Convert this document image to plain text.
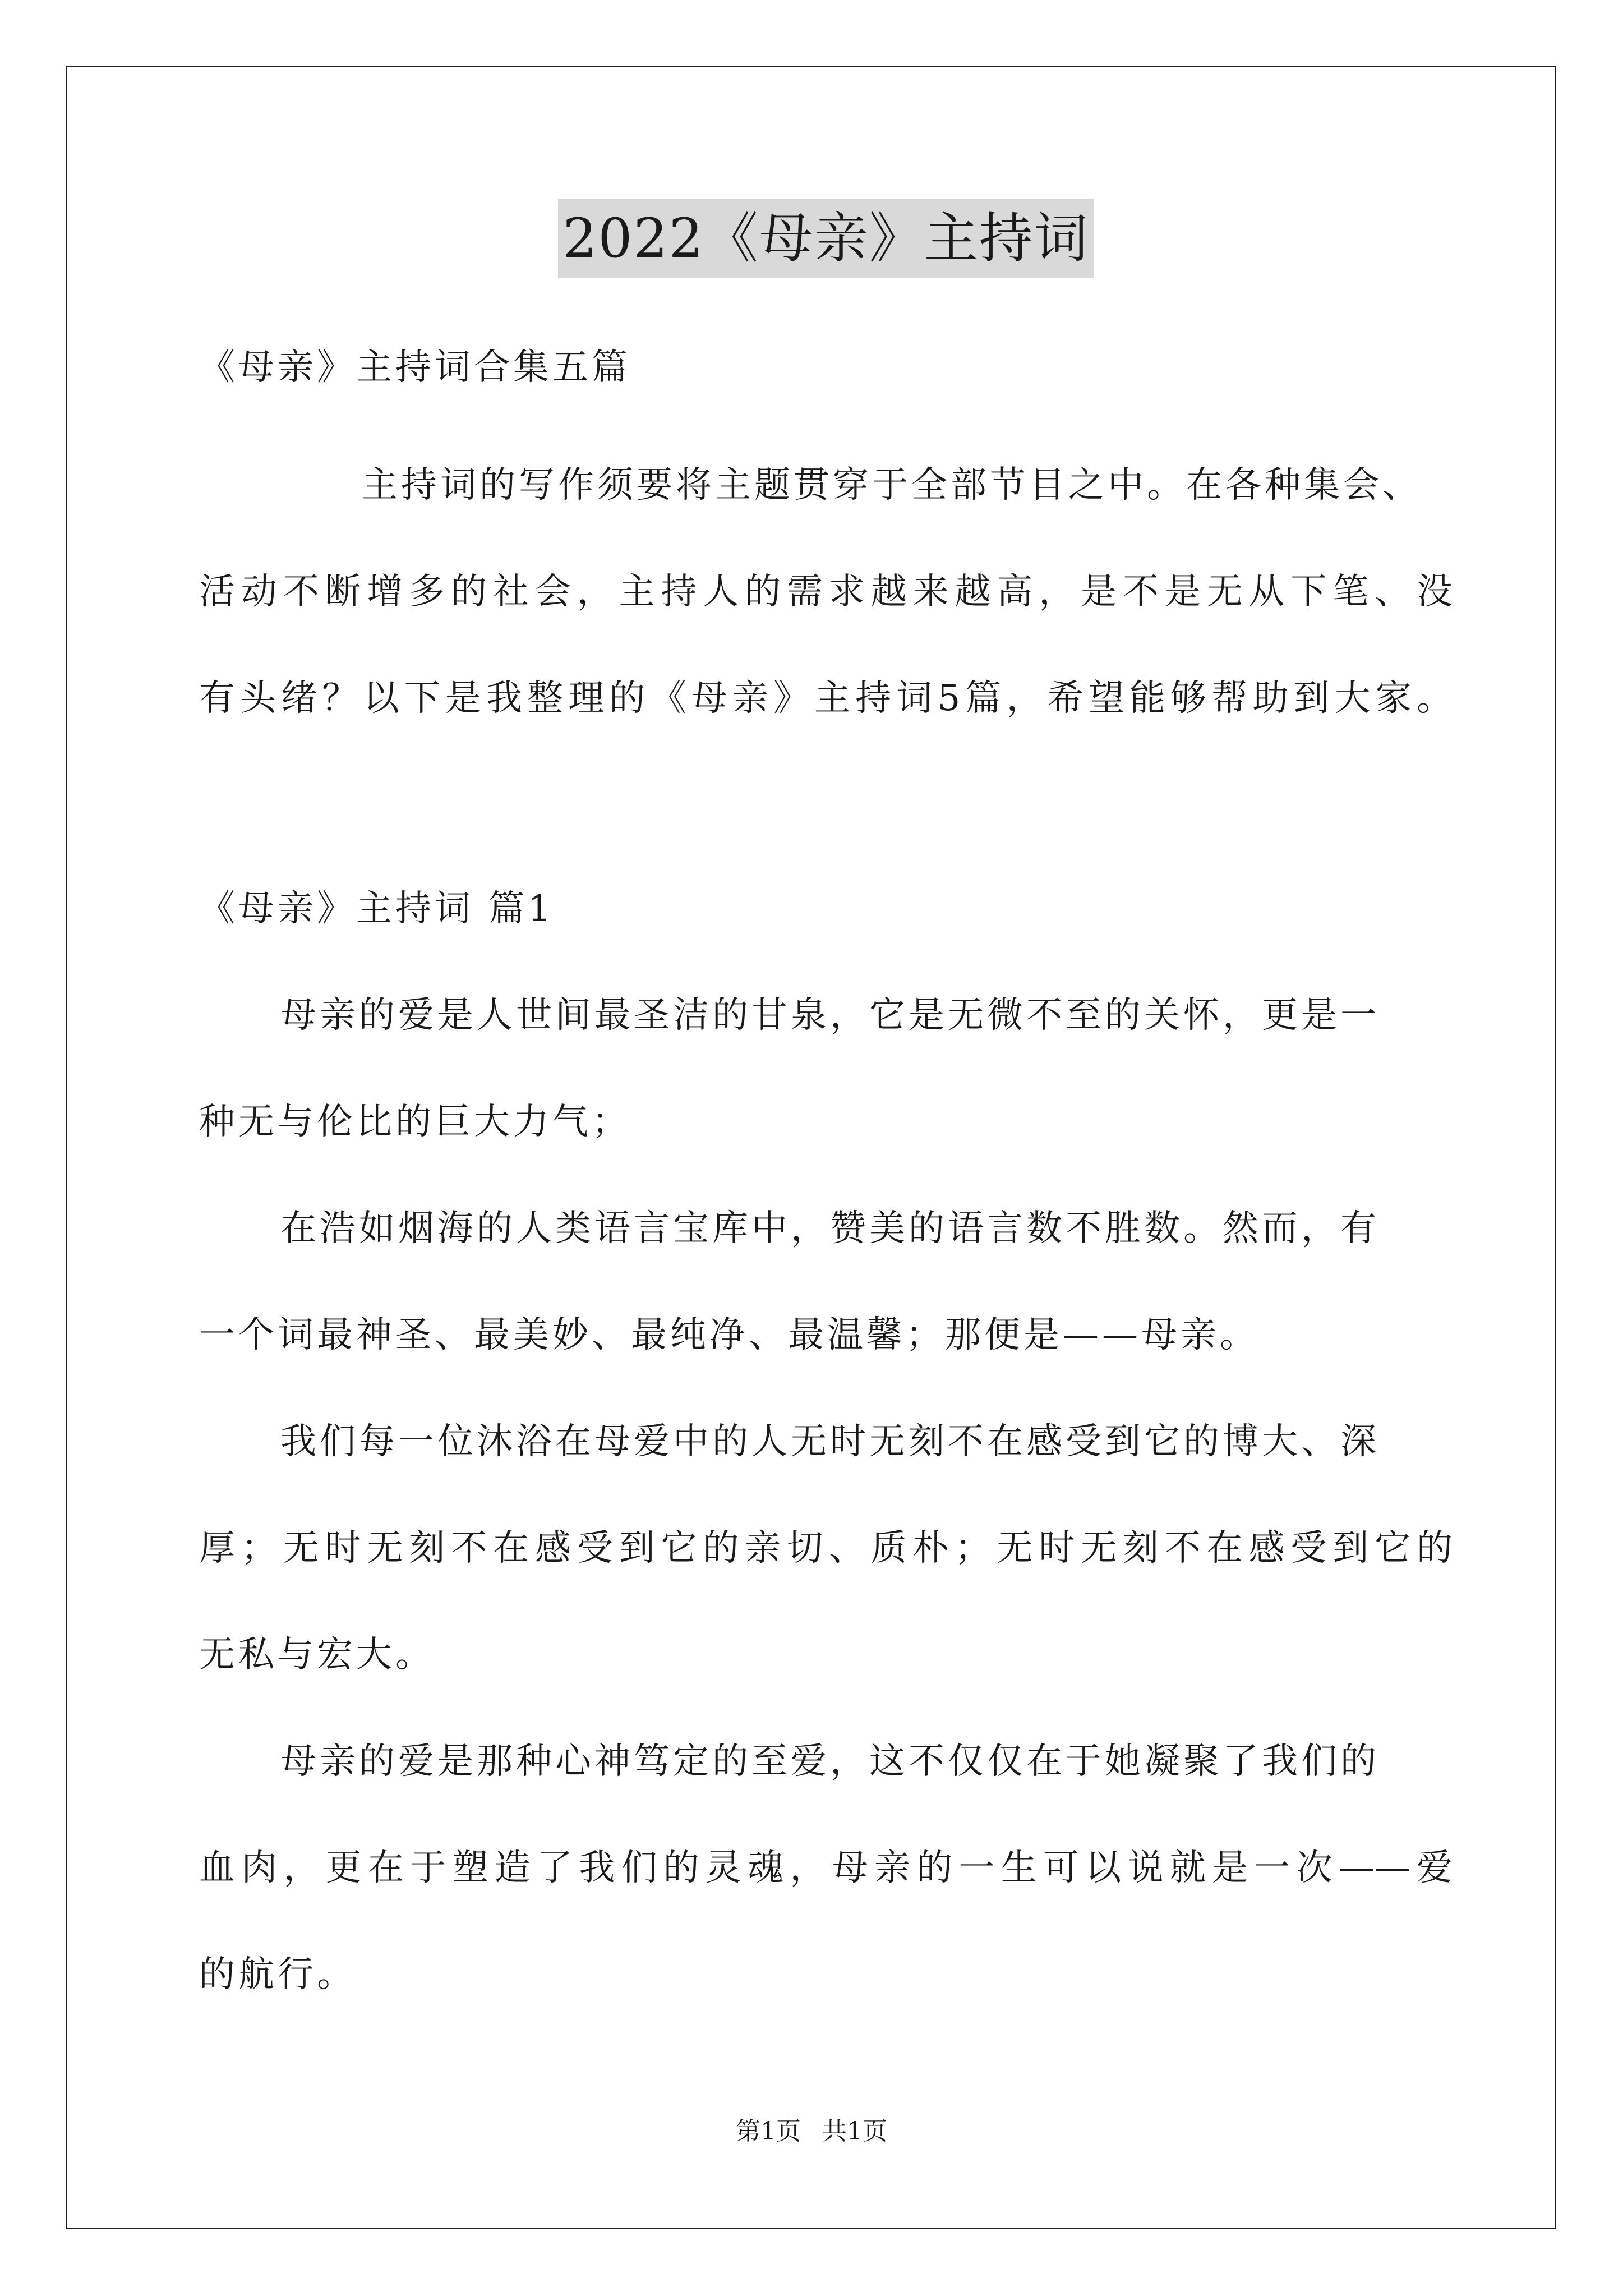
2022《母亲》主持词
《母亲》主持词合集五篇
主持词的写作须要将主题贯穿于全部节目之中。在各种集会、
活动不断增多的社会，主持人的需求越来越高，是不是无从下笔、没
有头绪？以下是我整理的《母亲》主持词5篇，希望能够帮助到大家。
《母亲》主持词 篇1
母亲的爱是人世间最圣洁的甘泉，它是无微不至的关怀，更是一
种无与伦比的巨大力气；
在浩如烟海的人类语言宝库中，赞美的语言数不胜数。然而，有
一个词最神圣、最美妙、最纯净、最温馨；那便是——母亲。
我们每一位沐浴在母爱中的人无时无刻不在感受到它的博大、深
厚；无时无刻不在感受到它的亲切、质朴；无时无刻不在感受到它的
无私与宏大。
母亲的爱是那种心神笃定的至爱，这不仅仅在于她凝聚了我们的
血肉，更在于塑造了我们的灵魂，母亲的一生可以说就是一次——爱
的航行。
第1页 共1页
